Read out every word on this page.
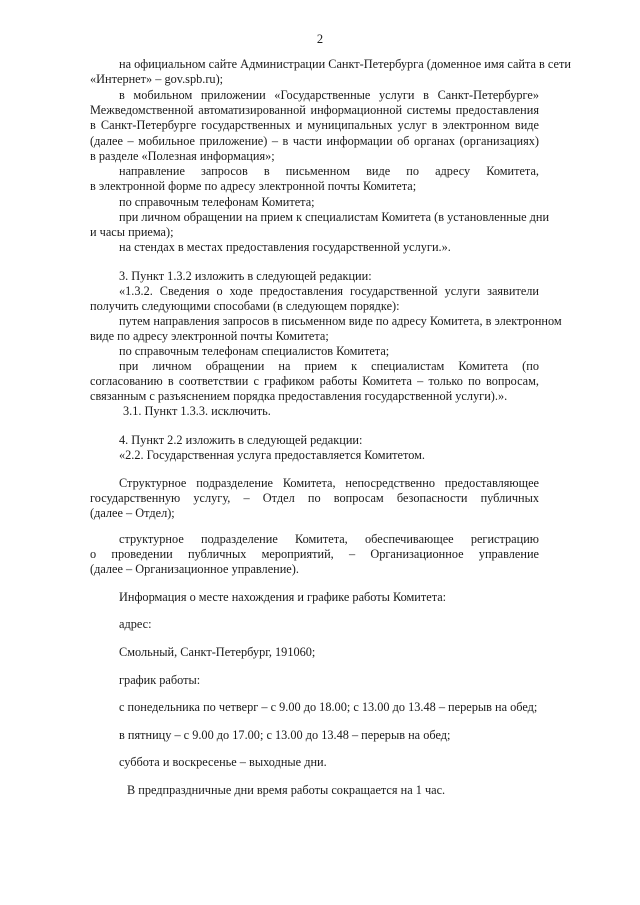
2
на официальном сайте Администрации Санкт-Петербурга (доменное имя сайта в сети
«Интернет» – gov.spb.ru);
в мобильном приложении «Государственные услуги в Санкт-Петербурге»
Межведомственной автоматизированной информационной системы предоставления
в Санкт-Петербурге государственных и муниципальных услуг в электронном виде
(далее – мобильное приложение) – в части информации об органах (организациях)
в разделе «Полезная информация»;
направление запросов в письменном виде по адресу Комитета,
в электронной форме по адресу электронной почты Комитета;
по справочным телефонам Комитета;
при личном обращении на прием к специалистам Комитета (в установленные дни
и часы приема);
на стендах в местах предоставления государственной услуги.».
3. Пункт 1.3.2 изложить в следующей редакции:
«1.3.2. Сведения о ходе предоставления государственной услуги заявители
получить следующими способами (в следующем порядке):
путем направления запросов в письменном виде по адресу Комитета, в электронном
виде по адресу электронной почты Комитета;
по справочным телефонам специалистов Комитета;
при личном обращении на прием к специалистам Комитета (по
согласованию в соответствии с графиком работы Комитета – только по вопросам,
связанным с разъяснением порядка предоставления государственной услуги).».
3.1. Пункт 1.3.3. исключить.
4. Пункт 2.2 изложить в следующей редакции:
«2.2. Государственная услуга предоставляется Комитетом.
Структурное подразделение Комитета, непосредственно предоставляющее
государственную услугу, – Отдел по вопросам безопасности публичных
(далее – Отдел);
структурное подразделение Комитета, обеспечивающее регистрацию
о проведении публичных мероприятий, – Организационное управление
(далее – Организационное управление).
Информация о месте нахождения и графике работы Комитета:
адрес:
Смольный, Санкт-Петербург, 191060;
график работы:
с понедельника по четверг – с 9.00 до 18.00; с 13.00 до 13.48 – перерыв на обед;
в пятницу – с 9.00 до 17.00; с 13.00 до 13.48 – перерыв на обед;
суббота и воскресенье – выходные дни.
В предпраздничные дни время работы сокращается на 1 час.
